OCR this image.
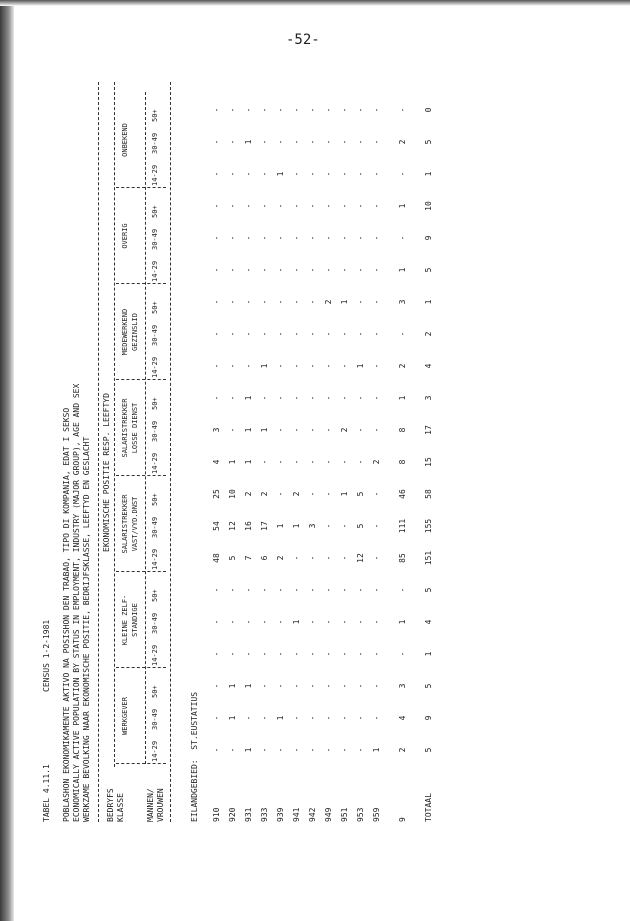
-52-
TABEL 4.11.1
CENSUS 1-2-1981 POBLASHON EKONOMIKAMENTE AKTIVO NA POSISHON DEN TRABAO, TIPO DI KOMPANIA, EDAT I SEKSO ECONOMICALLY ACTIVE POPULATION BY STATUS IN EMPLOYMENT, INDUSTRY (MAJOR GROUP), AGE AND SEX WERKZAME BEVOLKING NAAR EKONOMISCHE POSITIE, BEDRIJFSKLASSE, LEEFTYD EN GESLACHT BEDRYFS KLASSE
EKONOMISCHE POSITIE RESP. LEEFTYD
WERKGEVER
KLEINE ZELF-
STANDIGE
SALARISTREKKER
VAST/VYD.DNST
SALARISTREKKER
LOSSE DIENST
MEDEWERKEND
GEZINSLID
OVERIG
ONBEKEND
14-29
30-49
50+
14-29
30-49
50+
14-29
30-49
50+
14-29
30-49
50+
14-29
30-49
50+
14-29
30-49
50+
14-29
30-49
50+
MANNEN/ VROUWEN	EILANDGEBIED:  ST.EUSTATIUS 910
-
-
-
-
-
-
48
54
25
4
3
-
-
-
-
-
-
-
-
-
-
920
-
1
1
-
-
-
5
12
10
1
-
-
-
-
-
-
-
-
-
-
-
931
1
-
1
-
-
-
7
16
2
1
1
1
-
-
-
-
-
-
-
1
-
933
-
-
-
-
-
-
6
17
2
-
1
-
1
-
-
-
-
-
-
-
-
939
-
1
-
-
-
-
2
1
-
-
-
-
-
-
-
-
-
-
1
-
-
941
-
-
-
-
1
-
-
1
2
-
-
-
-
-
-
-
-
-
-
-
-
942
-
-
-
-
-
-
-
3
-
-
-
-
-
-
-
-
-
-
-
-
-
949
-
-
-
-
-
-
-
-
-
-
-
-
-
-
2
-
-
-
-
-
-
951
-
-
-
-
-
-
-
-
1
-
2
-
-
-
1
-
-
-
-
-
-
953
-
-
-
-
-
-
12
5
5
-
-
-
1
-
-
-
-
-
-
-
-
959
1
-
-
-
-
-
-
-
-
2
-
-
-
-
-
-
-
-
-
-
-
9
2
4
3
-
1
-
85
111
46
8
8
1
2
-
3
1
-
1
-
2
-
TOTAAL
5
9
5
1
4
5
151
155
58
15
17
3
4
2
1
5
9
10
1
5
0
